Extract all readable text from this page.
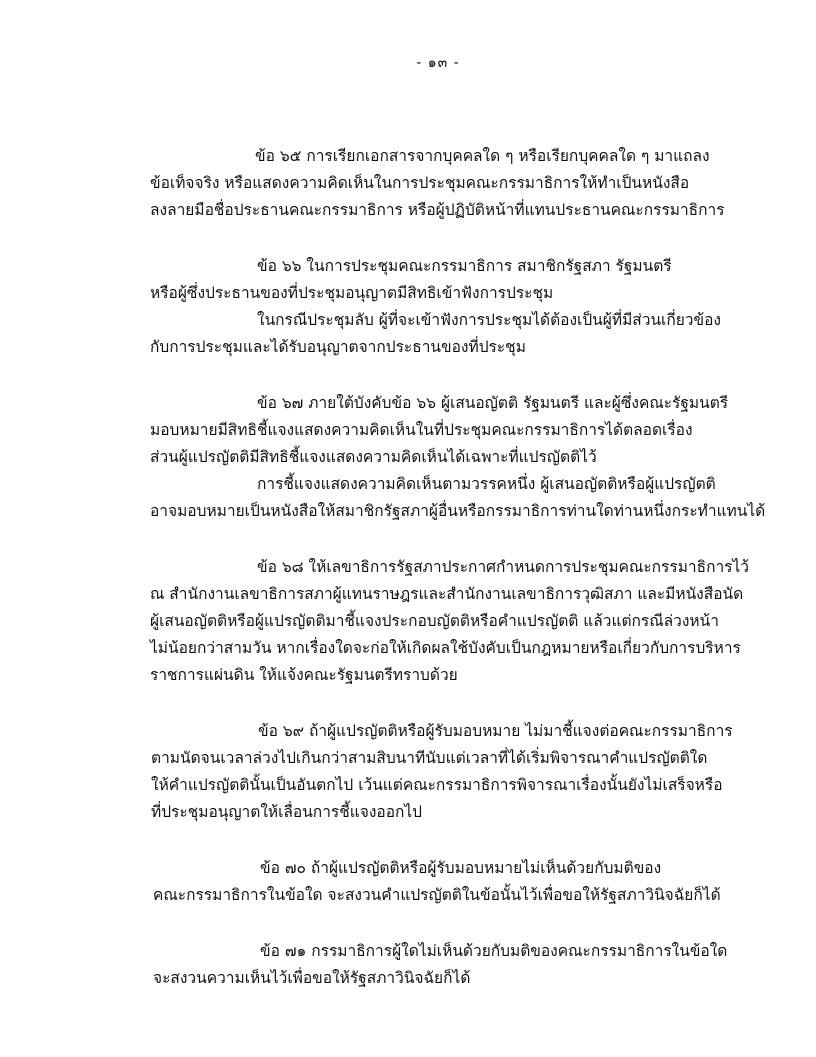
- ๑๓ -
ข้อ ๖๕ การเรียกเอกสารจากบุคคลใด ๆ หรือเรียกบุคคลใด ๆ มาแถลง
ข้อเท็จจริง หรือแสดงความคิดเห็นในการประชุมคณะกรรมาธิการให้ทำเป็นหนังสือ
ลงลายมือชื่อประธานคณะกรรมาธิการ หรือผู้ปฏิบัติหน้าที่แทนประธานคณะกรรมาธิการ
ข้อ ๖๖ ในการประชุมคณะกรรมาธิการ สมาชิกรัฐสภา รัฐมนตรี
หรือผู้ซึ่งประธานของที่ประชุมอนุญาตมีสิทธิเข้าฟังการประชุม
ในกรณีประชุมลับ ผู้ที่จะเข้าฟังการประชุมได้ต้องเป็นผู้ที่มีส่วนเกี่ยวข้อง
กับการประชุมและได้รับอนุญาตจากประธานของที่ประชุม
ข้อ ๖๗ ภายใต้บังคับข้อ ๖๖ ผู้เสนอญัตติ รัฐมนตรี และผู้ซึ่งคณะรัฐมนตรี
มอบหมายมีสิทธิชี้แจงแสดงความคิดเห็นในที่ประชุมคณะกรรมาธิการได้ตลอดเรื่อง
ส่วนผู้แปรญัตติมีสิทธิชี้แจงแสดงความคิดเห็นได้เฉพาะที่แปรญัตติไว้
การชี้แจงแสดงความคิดเห็นตามวรรคหนึ่ง ผู้เสนอญัตติหรือผู้แปรญัตติ
อาจมอบหมายเป็นหนังสือให้สมาชิกรัฐสภาผู้อื่นหรือกรรมาธิการท่านใดท่านหนึ่งกระทำแทนได้
ข้อ ๖๘ ให้เลขาธิการรัฐสภาประกาศกำหนดการประชุมคณะกรรมาธิการไว้
ณ สำนักงานเลขาธิการสภาผู้แทนราษฎรและสำนักงานเลขาธิการวุฒิสภา และมีหนังสือนัด
ผู้เสนอญัตติหรือผู้แปรญัตติมาชี้แจงประกอบญัตติหรือคำแปรญัตติ แล้วแต่กรณีล่วงหน้า
ไม่น้อยกว่าสามวัน หากเรื่องใดจะก่อให้เกิดผลใช้บังคับเป็นกฎหมายหรือเกี่ยวกับการบริหาร
ราชการแผ่นดิน ให้แจ้งคณะรัฐมนตรีทราบด้วย
ข้อ ๖๙ ถ้าผู้แปรญัตติหรือผู้รับมอบหมาย ไม่มาชี้แจงต่อคณะกรรมาธิการ
ตามนัดจนเวลาล่วงไปเกินกว่าสามสิบนาทีนับแต่เวลาที่ได้เริ่มพิจารณาคำแปรญัตติใด
ให้คำแปรญัตตินั้นเป็นอันตกไป เว้นแต่คณะกรรมาธิการพิจารณาเรื่องนั้นยังไม่เสร็จหรือ
ที่ประชุมอนุญาตให้เลื่อนการชี้แจงออกไป
ข้อ ๗๐ ถ้าผู้แปรญัตติหรือผู้รับมอบหมายไม่เห็นด้วยกับมติของ
คณะกรรมาธิการในข้อใด จะสงวนคำแปรญัตติในข้อนั้นไว้เพื่อขอให้รัฐสภาวินิจฉัยก็ได้
ข้อ ๗๑ กรรมาธิการผู้ใดไม่เห็นด้วยกับมติของคณะกรรมาธิการในข้อใด
จะสงวนความเห็นไว้เพื่อขอให้รัฐสภาวินิจฉัยก็ได้
